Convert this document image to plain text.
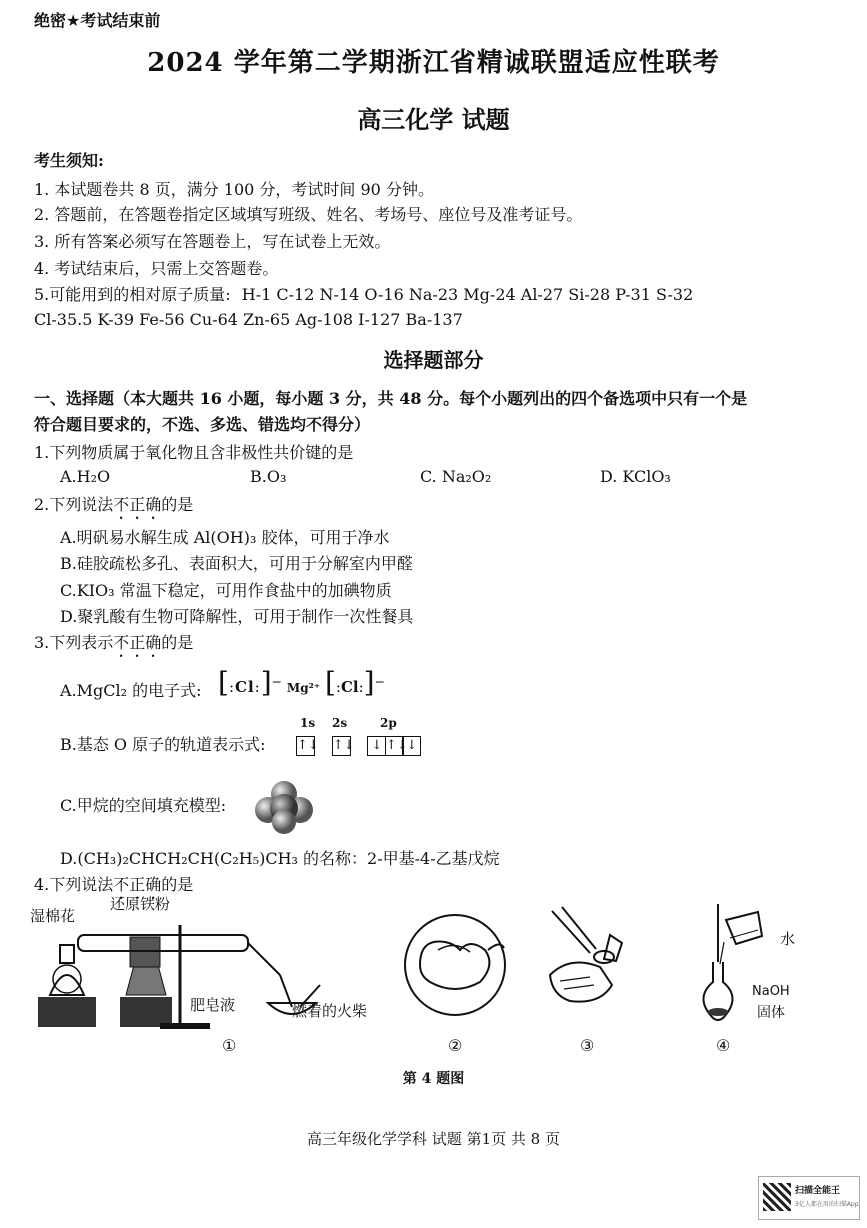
绝密★考试结束前
2024 学年第二学期浙江省精诚联盟适应性联考
高三化学 试题
考生须知:
1. 本试题卷共 8 页，满分 100 分，考试时间 90 分钟。
2. 答题前，在答题卷指定区域填写班级、姓名、考场号、座位号及准考证号。
3. 所有答案必须写在答题卷上，写在试卷上无效。
4. 考试结束后，只需上交答题卷。
5.可能用到的相对原子质量: H-1 C-12 N-14 O-16 Na-23 Mg-24 Al-27 Si-28 P-31 S-32
Cl-35.5 K-39 Fe-56 Cu-64 Zn-65 Ag-108 I-127 Ba-137
选择题部分
一、选择题（本大题共 16 小题，每小题 3 分，共 48 分。每个小题列出的四个备选项中只有一个是
符合题目要求的，不选、多选、错选均不得分）
1.下列物质属于氧化物且含非极性共价键的是
A.H₂O	B.O₃	C. Na₂O₂	D. KClO₃
2.下列说法不正确的是
A.明矾易水解生成 Al(OH)₃ 胶体，可用于净水
B.硅胶疏松多孔、表面积大，可用于分解室内甲醛
C.KIO₃ 常温下稳定，可用作食盐中的加碘物质
D.聚乳酸有生物可降解性，可用于制作一次性餐具
3.下列表示不正确的是
A.MgCl₂ 的电子式: [:Cl:]− Mg²⁺ [:Cl:]−
B.基态 O 原子的轨道表示式:
1s 2s	2p
↑↓ ↑↓ ↓ ↑↓↓
C.甲烷的空间填充模型:
D.(CH₃)₂CHCH₂CH(C₂H₅)CH₃ 的名称：2-甲基-4-乙基戊烷
4.下列说法不正确的是
湿棉花
还原铁粉
肥皂液	燃着的火柴
水
NaOH
固体
①	②	③	④
第 4 题图
高三年级化学学科 试题 第1页 共 8 页
扫描全能王
3亿人都在用的扫描App
